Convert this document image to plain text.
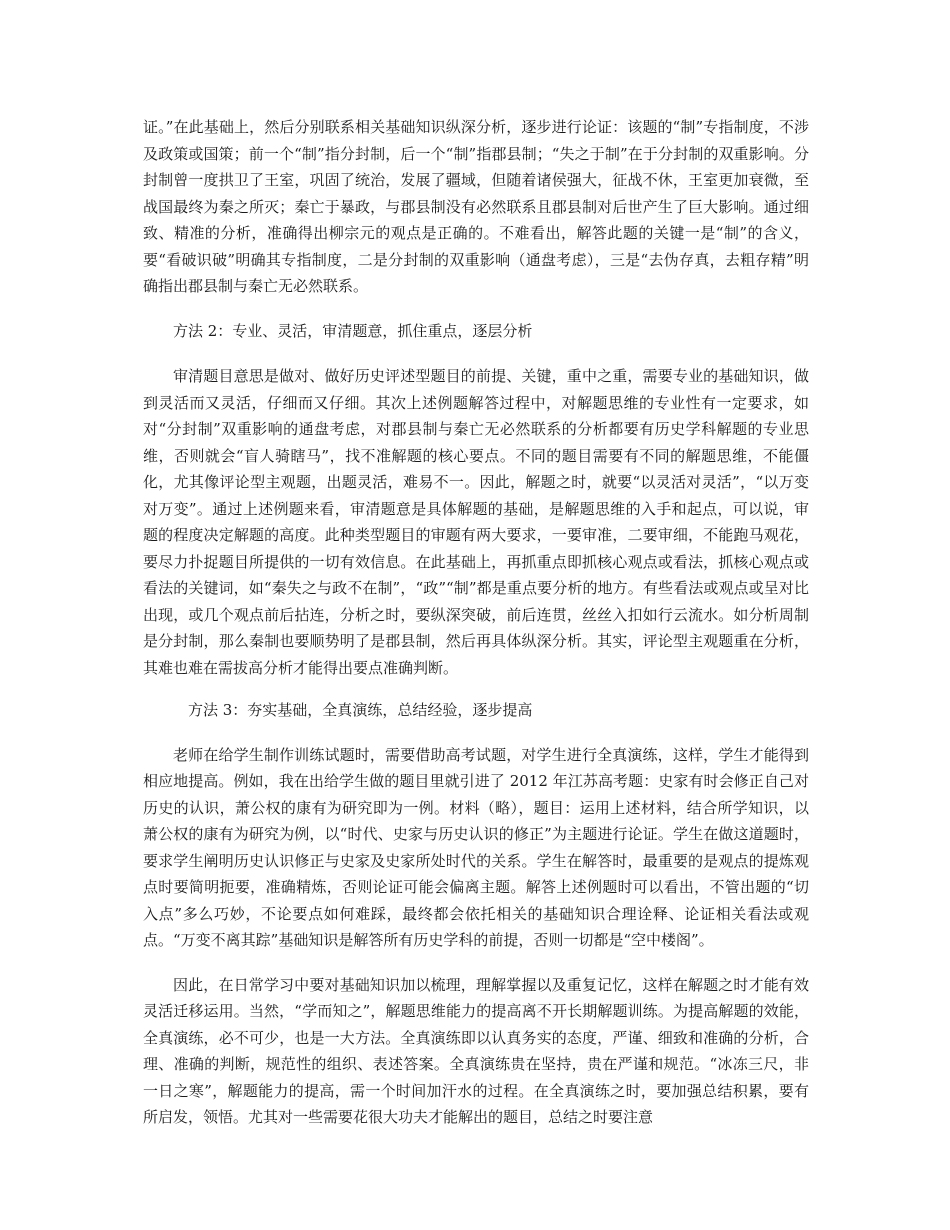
证。”在此基础上，然后分别联系相关基础知识纵深分析，逐步进行论证：该题的“制”专指制度，不涉及政策或国策；前一个“制”指分封制，后一个“制”指郡县制；“失之于制”在于分封制的双重影响。分封制曾一度拱卫了王室，巩固了统治，发展了疆域，但随着诸侯强大，征战不休，王室更加衰微，至战国最终为秦之所灭；秦亡于暴政，与郡县制没有必然联系且郡县制对后世产生了巨大影响。通过细致、精准的分析，准确得出柳宗元的观点是正确的。不难看出，解答此题的关键一是“制”的含义，要“看破识破”明确其专指制度，二是分封制的双重影响（通盘考虑），三是“去伪存真，去粗存精”明确指出郡县制与秦亡无必然联系。

方法 2：专业、灵活，审清题意，抓住重点，逐层分析

审清题目意思是做对、做好历史评述型题目的前提、关键，重中之重，需要专业的基础知识，做到灵活而又灵活，仔细而又仔细。其次上述例题解答过程中，对解题思维的专业性有一定要求，如对“分封制”双重影响的通盘考虑，对郡县制与秦亡无必然联系的分析都要有历史学科解题的专业思维，否则就会“盲人骑瞎马”，找不准解题的核心要点。不同的题目需要有不同的解题思维，不能僵化，尤其像评论型主观题，出题灵活，难易不一。因此，解题之时，就要“以灵活对灵活”，“以万变对万变”。通过上述例题来看，审清题意是具体解题的基础，是解题思维的入手和起点，可以说，审题的程度决定解题的高度。此种类型题目的审题有两大要求，一要审准，二要审细，不能跑马观花，要尽力扑捉题目所提供的一切有效信息。在此基础上，再抓重点即抓核心观点或看法，抓核心观点或看法的关键词，如“秦失之与政不在制”，“政”“制”都是重点要分析的地方。有些看法或观点或呈对比出现，或几个观点前后拈连，分析之时，要纵深突破，前后连贯，丝丝入扣如行云流水。如分析周制是分封制，那么秦制也要顺势明了是郡县制，然后再具体纵深分析。其实，评论型主观题重在分析，其难也难在需拔高分析才能得出要点准确判断。

方法 3：夯实基础，全真演练，总结经验，逐步提高

老师在给学生制作训练试题时，需要借助高考试题，对学生进行全真演练，这样，学生才能得到相应地提高。例如，我在出给学生做的题目里就引进了 2012 年江苏高考题：史家有时会修正自己对历史的认识，萧公权的康有为研究即为一例。材料（略），题目：运用上述材料，结合所学知识，以萧公权的康有为研究为例，以“时代、史家与历史认识的修正”为主题进行论证。学生在做这道题时，要求学生阐明历史认识修正与史家及史家所处时代的关系。学生在解答时，最重要的是观点的提炼观点时要简明扼要，准确精炼，否则论证可能会偏离主题。解答上述例题时可以看出，不管出题的“切入点”多么巧妙，不论要点如何难踩，最终都会依托相关的基础知识合理诠释、论证相关看法或观点。“万变不离其踪”基础知识是解答所有历史学科的前提，否则一切都是“空中楼阁”。

因此，在日常学习中要对基础知识加以梳理，理解掌握以及重复记忆，这样在解题之时才能有效灵活迁移运用。当然，“学而知之”，解题思维能力的提高离不开长期解题训练。为提高解题的效能，全真演练，必不可少，也是一大方法。全真演练即以认真务实的态度，严谨、细致和准确的分析，合理、准确的判断，规范性的组织、表述答案。全真演练贵在坚持，贵在严谨和规范。“冰冻三尺，非一日之寒”，解题能力的提高，需一个时间加汗水的过程。在全真演练之时，要加强总结积累，要有所启发，领悟。尤其对一些需要花很大功夫才能解出的题目，总结之时要注意
